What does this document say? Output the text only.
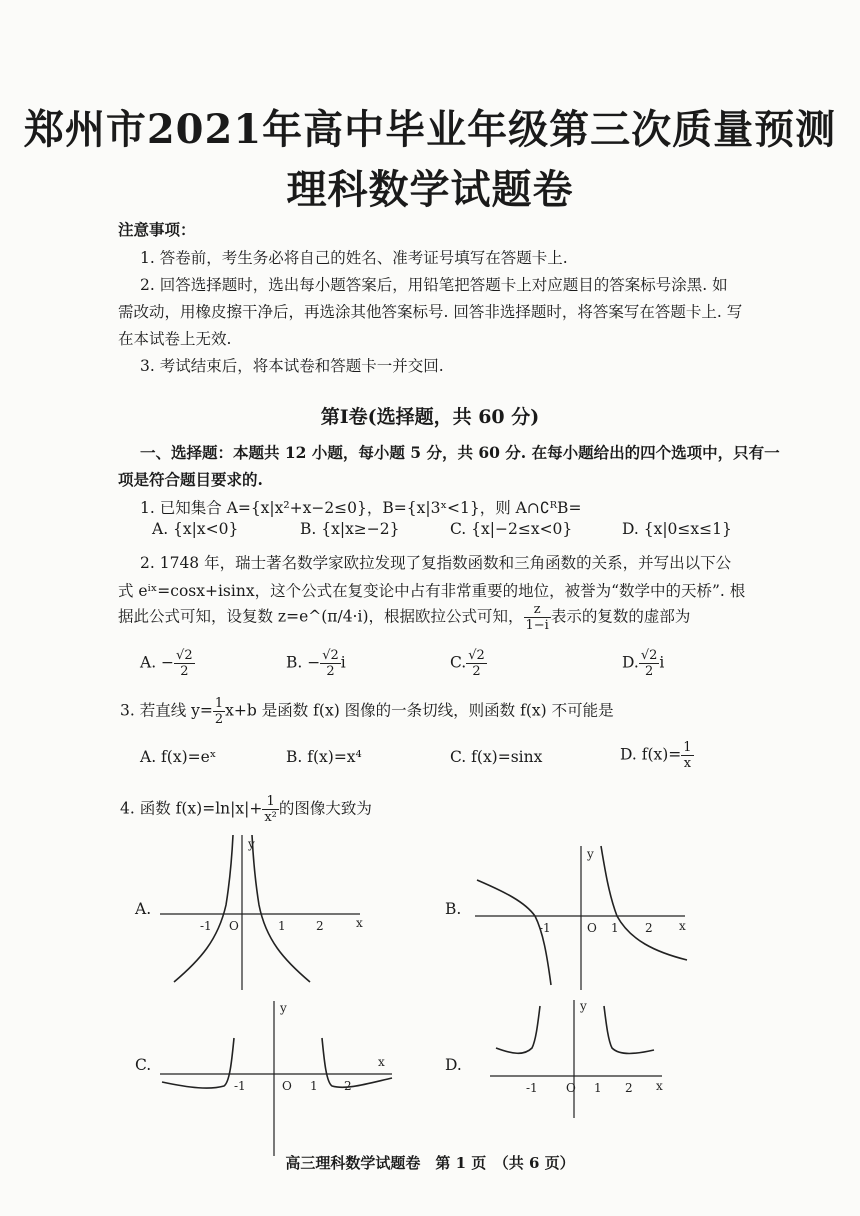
郑州市2021年高中毕业年级第三次质量预测
理科数学试题卷
注意事项：
1. 答卷前，考生务必将自己的姓名、准考证号填写在答题卡上.
2. 回答选择题时，选出每小题答案后，用铅笔把答题卡上对应题目的答案标号涂黑. 如
需改动，用橡皮擦干净后，再选涂其他答案标号. 回答非选择题时，将答案写在答题卡上. 写
在本试卷上无效.
3. 考试结束后，将本试卷和答题卡一并交回.
第Ⅰ卷(选择题，共 60 分)
一、选择题：本题共 12 小题，每小题 5 分，共 60 分. 在每小题给出的四个选项中，只有一
项是符合题目要求的.
1. 已知集合 A={x|x²+x−2≤0}，B={x|3ˣ<1}，则 A∩∁ᴿB=
A. {x|x<0}	B. {x|x≥−2}	C. {x|−2≤x<0}	D. {x|0≤x≤1}
2. 1748 年，瑞士著名数学家欧拉发现了复指数函数和三角函数的关系，并写出以下公
式 eⁱˣ=cosx+isinx，这个公式在复变论中占有非常重要的地位，被誉为“数学中的天桥”. 根
据此公式可知，设复数 z=e^(π/4·i)，根据欧拉公式可知， $\frac{z}{1-i}$ 表示的复数的虚部为
A. − $\frac{√2}{2}$	B. − $\frac{√2}{2}$ i	C. $\frac{√2}{2}$	D. $\frac{√2}{2}$ i
3. 若直线 $y= \frac{1}{2} x+b$ 是函数 f(x) 图像的一条切线，则函数 f(x) 不可能是
A. f(x)=eˣ	B. f(x)=x⁴	C. f(x)=sinx	D. $f(x)= \frac{1}{x}$
4. 函数 $f(x)=\ln|x|+ \frac{1}{\text{x²}}$ 的图像大致为
A.	B.
C.	D.
x
y
-1 O	1	2	x
y
-1	O 1 2
x
y
-1	O 1 2	x
y
-1 O 1 2
高三理科数学试题卷　第 1 页　（共 6 页）
